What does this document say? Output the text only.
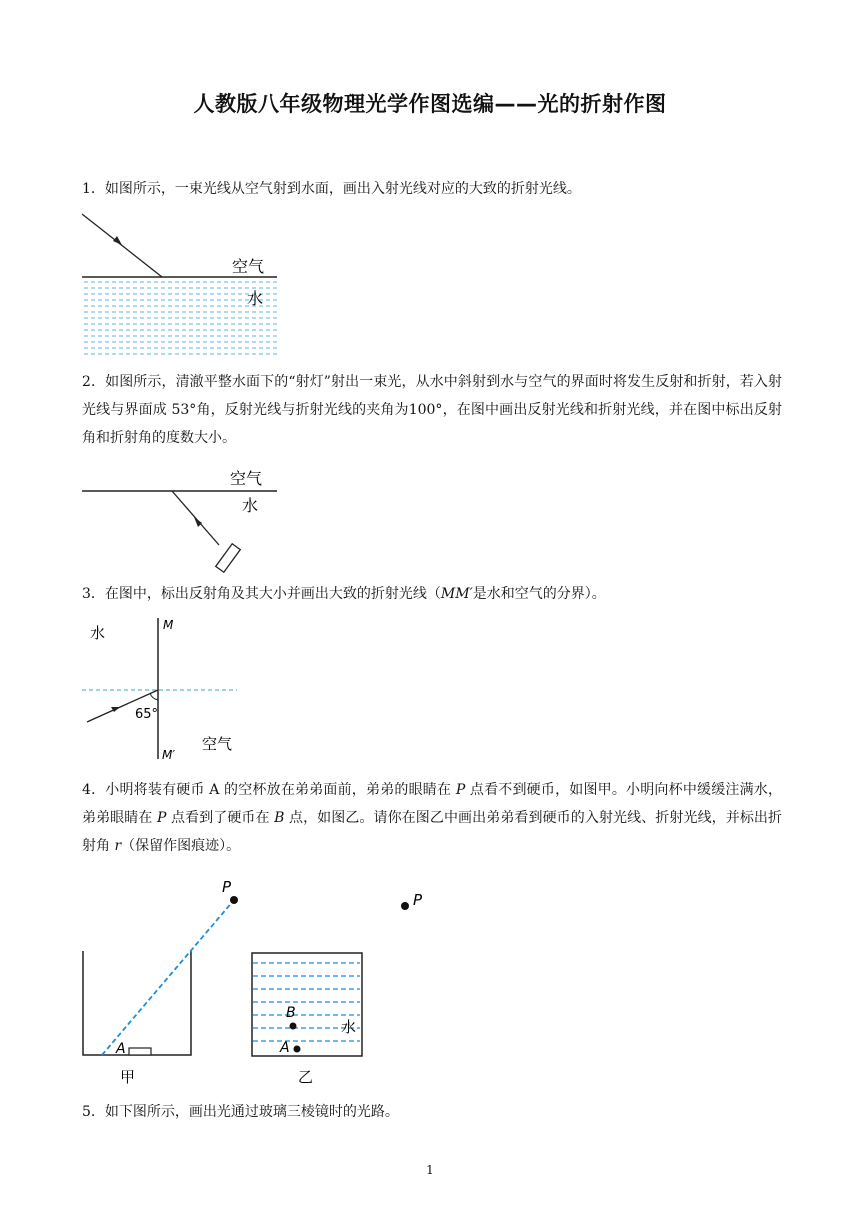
人教版八年级物理光学作图选编——光的折射作图
1．如图所示，一束光线从空气射到水面，画出入射光线对应的大致的折射光线。
空气
水
2．如图所示，清澈平整水面下的“射灯”射出一束光，从水中斜射到水与空气的界面时将发生反射和折射，若入射光线与界面成 53°角，反射光线与折射光线的夹角为100°，在图中画出反射光线和折射光线，并在图中标出反射角和折射角的度数大小。
空气
水
3．在图中，标出反射角及其大小并画出大致的折射光线（MM′是水和空气的分界）。
水	M
M′
65°
空气
4．小明将装有硬币 A 的空杯放在弟弟面前，弟弟的眼睛在 P 点看不到硬币，如图甲。小明向杯中缓缓注满水，弟弟眼睛在 P 点看到了硬币在 B 点，如图乙。请你在图乙中画出弟弟看到硬币的入射光线、折射光线，并标出折射角 r（保留作图痕迹）。
P
A
甲
B
A
水
P
乙
5．如下图所示，画出光通过玻璃三棱镜时的光路。
1
